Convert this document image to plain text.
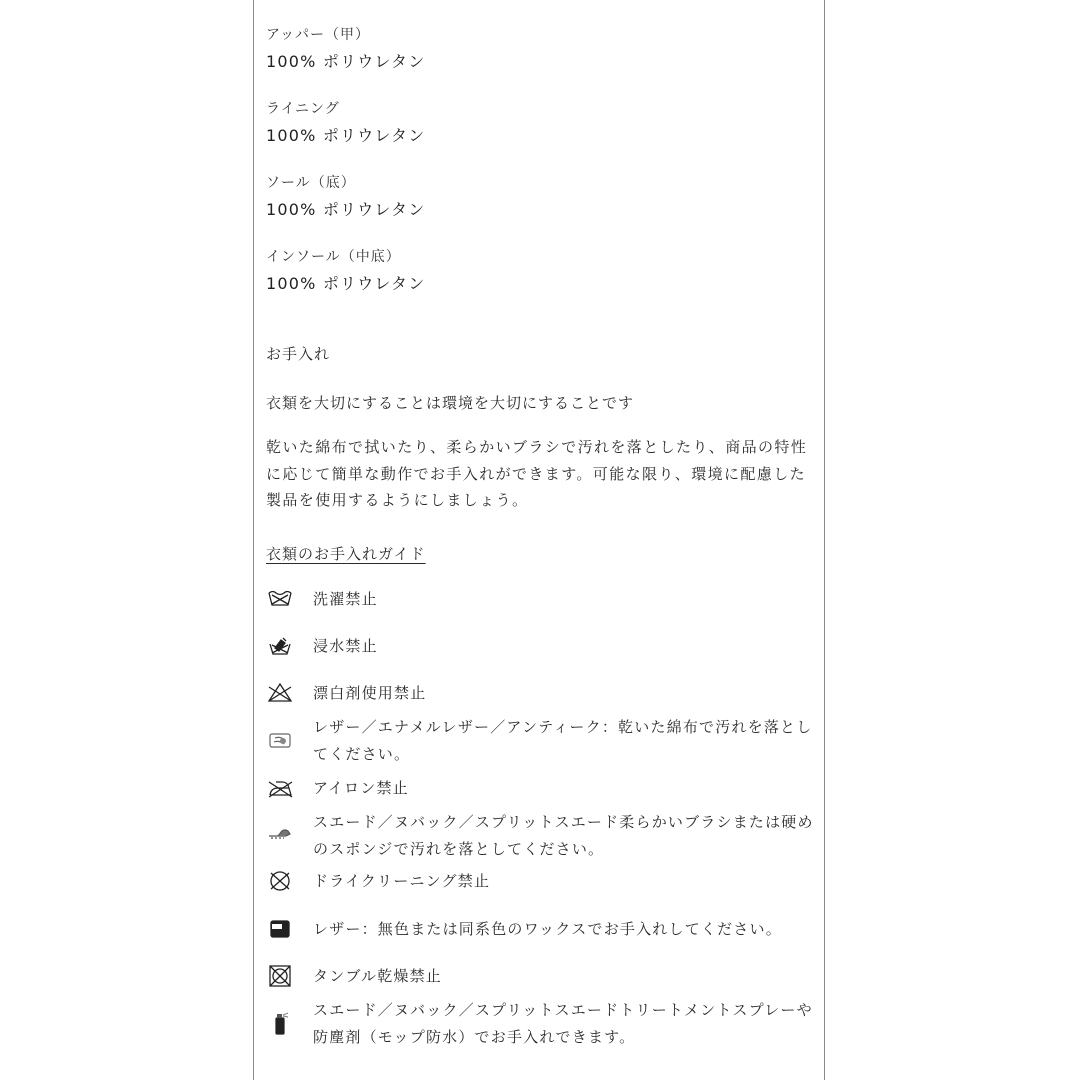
アッパー（甲）
100% ポリウレタン
ライニング
100% ポリウレタン
ソール（底）
100% ポリウレタン
インソール（中底）
100% ポリウレタン
お手入れ
衣類を大切にすることは環境を大切にすることです
乾いた綿布で拭いたり、柔らかいブラシで汚れを落としたり、商品の特性に応じて簡単な動作でお手入れができます。可能な限り、環境に配慮した製品を使用するようにしましょう。
衣類のお手入れガイド
洗濯禁止
浸水禁止
漂白剤使用禁止
レザー／エナメルレザー／アンティーク：乾いた綿布で汚れを落としてください。
アイロン禁止
スエード／ヌバック／スプリットスエード柔らかいブラシまたは硬めのスポンジで汚れを落としてください。
ドライクリーニング禁止
レザー：無色または同系色のワックスでお手入れしてください。
タンブル乾燥禁止
スエード／ヌバック／スプリットスエードトリートメントスプレーや防塵剤（モップ防水）でお手入れできます。
